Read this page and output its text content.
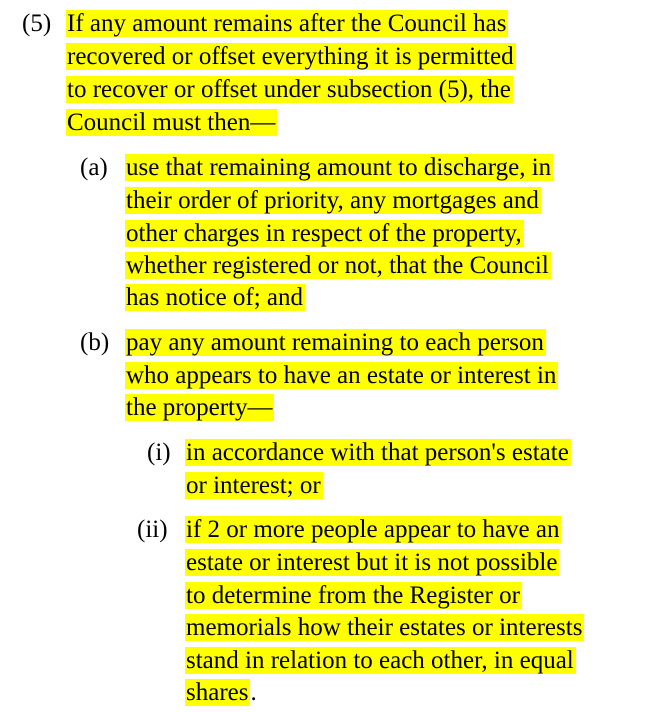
(5) If any amount remains after the Council has
recovered or offset everything it is permitted
to recover or offset under subsection (5), the
Council must then—
(a) use that remaining amount to discharge, in
their order of priority, any mortgages and
other charges in respect of the property,
whether registered or not, that the Council
has notice of; and
(b) pay any amount remaining to each person
who appears to have an estate or interest in
the property—
(i) in accordance with that person's estate
or interest; or
(ii) if 2 or more people appear to have an
estate or interest but it is not possible
to determine from the Register or
memorials how their estates or interests
stand in relation to each other, in equal
shares.
